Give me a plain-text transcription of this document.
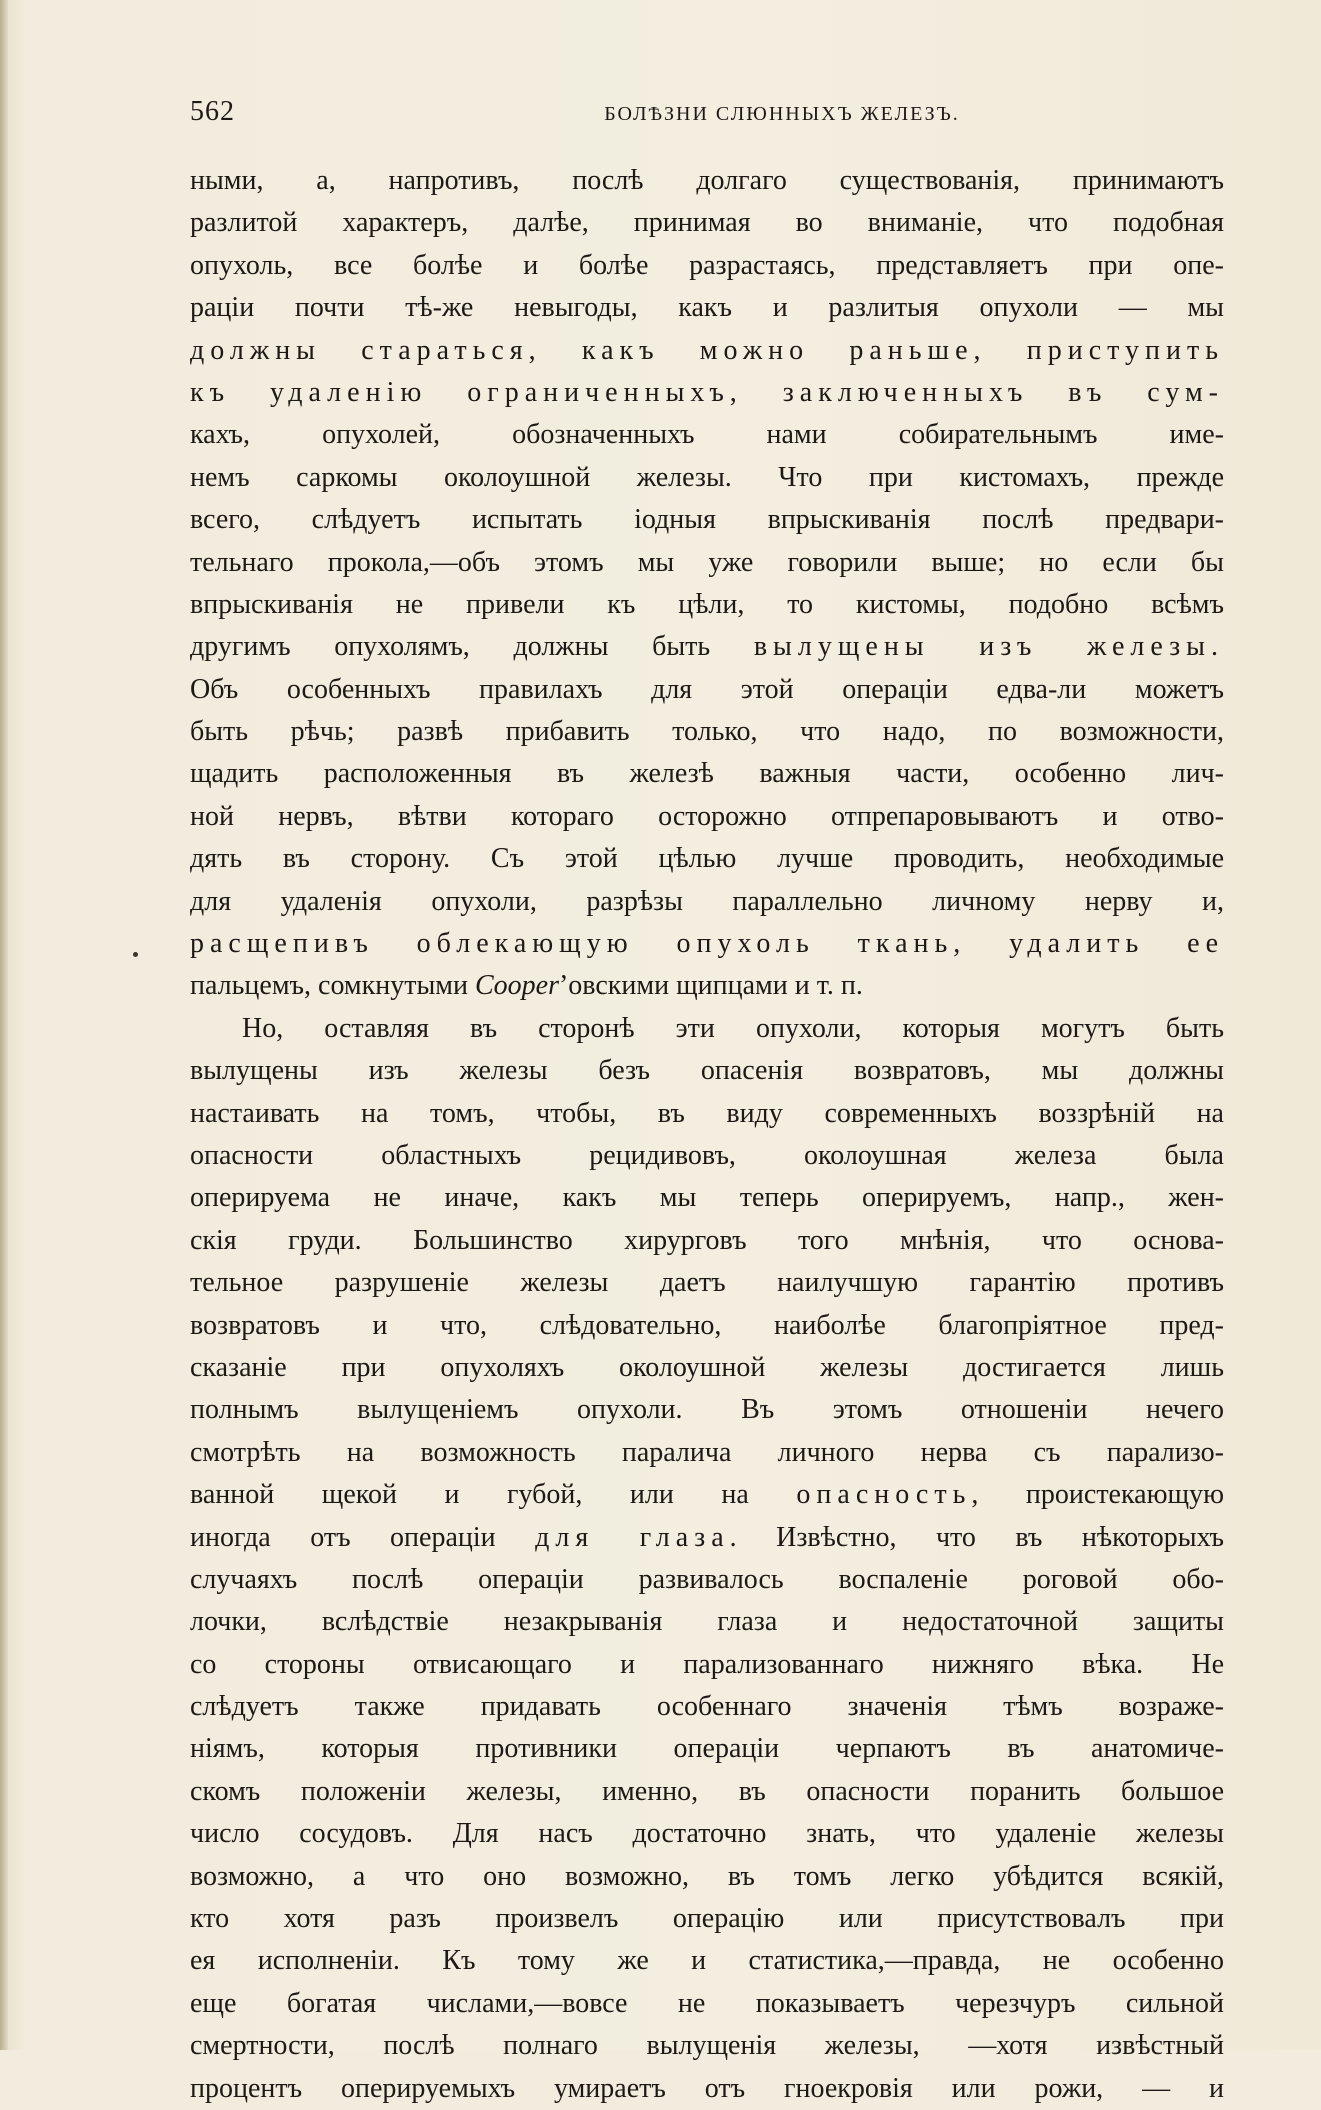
562	БОЛѢЗНИ СЛЮННЫХЪ ЖЕЛЕЗЪ.
ными, а, напротивъ, послѣ долгаго существованія, принимаютъ
разлитой характеръ, далѣе, принимая во вниманіе, что подобная
опухоль, все болѣе и болѣе разрастаясь, представляетъ при опе-
раціи почти тѣ-же невыгоды, какъ и разлитыя опухоли — мы
должны стараться, какъ можно раньше, приступить
къ удаленію ограниченныхъ, заключенныхъ въ сум-
кахъ, опухолей, обозначенныхъ нами собирательнымъ име-
немъ саркомы околоушной железы. Что при кистомахъ, прежде
всего, слѣдуетъ испытать іодныя впрыскиванія послѣ предвари-
тельнаго прокола,—объ этомъ мы уже говорили выше; но если бы
впрыскиванія не привели къ цѣли, то кистомы, подобно всѣмъ
другимъ опухолямъ, должны быть вылущены изъ железы.
Объ особенныхъ правилахъ для этой операціи едва-ли можетъ
быть рѣчь; развѣ прибавить только, что надо, по возможности,
щадить расположенныя въ железѣ важныя части, особенно лич-
ной нервъ, вѣтви котораго осторожно отпрепаровываютъ и отво-
дять въ сторону. Съ этой цѣлью лучше проводить, необходимые
для удаленія опухоли, разрѣзы параллельно личному нерву и,
расщепивъ облекающую опухоль ткань, удалить ее
пальцемъ, сомкнутыми Cooper’овскими щипцами и т. п.
Но, оставляя въ сторонѣ эти опухоли, которыя могутъ быть
вылущены изъ железы безъ опасенія возвратовъ, мы должны
настаивать на томъ, чтобы, въ виду современныхъ воззрѣній на
опасности областныхъ рецидивовъ, околоушная железа была
оперируема не иначе, какъ мы теперь оперируемъ, напр., жен-
скія груди. Большинство хирурговъ того мнѣнія, что основа-
тельное разрушеніе железы даетъ наилучшую гарантію противъ
возвратовъ и что, слѣдовательно, наиболѣе благопріятное пред-
сказаніе при опухоляхъ околоушной железы достигается лишь
полнымъ вылущеніемъ опухоли. Въ этомъ отношеніи нечего
смотрѣть на возможность паралича личного нерва съ парализо-
ванной щекой и губой, или на опасность, проистекающую
иногда отъ операціи для глаза. Извѣстно, что въ нѣкоторыхъ
случаяхъ послѣ операціи развивалось воспаленіе роговой обо-
лочки, вслѣдствіе незакрыванія глаза и недостаточной защиты
со стороны отвисающаго и парализованнаго нижняго вѣка. Не
слѣдуетъ также придавать особеннаго значенія тѣмъ возраже-
ніямъ, которыя противники операціи черпаютъ въ анатомиче-
скомъ положеніи железы, именно, въ опасности поранить большое
число сосудовъ. Для насъ достаточно знать, что удаленіе железы
возможно, а что оно возможно, въ томъ легко убѣдится всякій,
кто хотя разъ произвелъ операцію или присутствовалъ при
ея исполненіи. Къ тому же и статистика,—правда, не особенно
еще богатая числами,—вовсе не показываетъ черезчуръ сильной
смертности, послѣ полнаго вылущенія железы, —хотя извѣстный
процентъ оперируемыхъ умираетъ отъ гноекровія или рожи, — и
